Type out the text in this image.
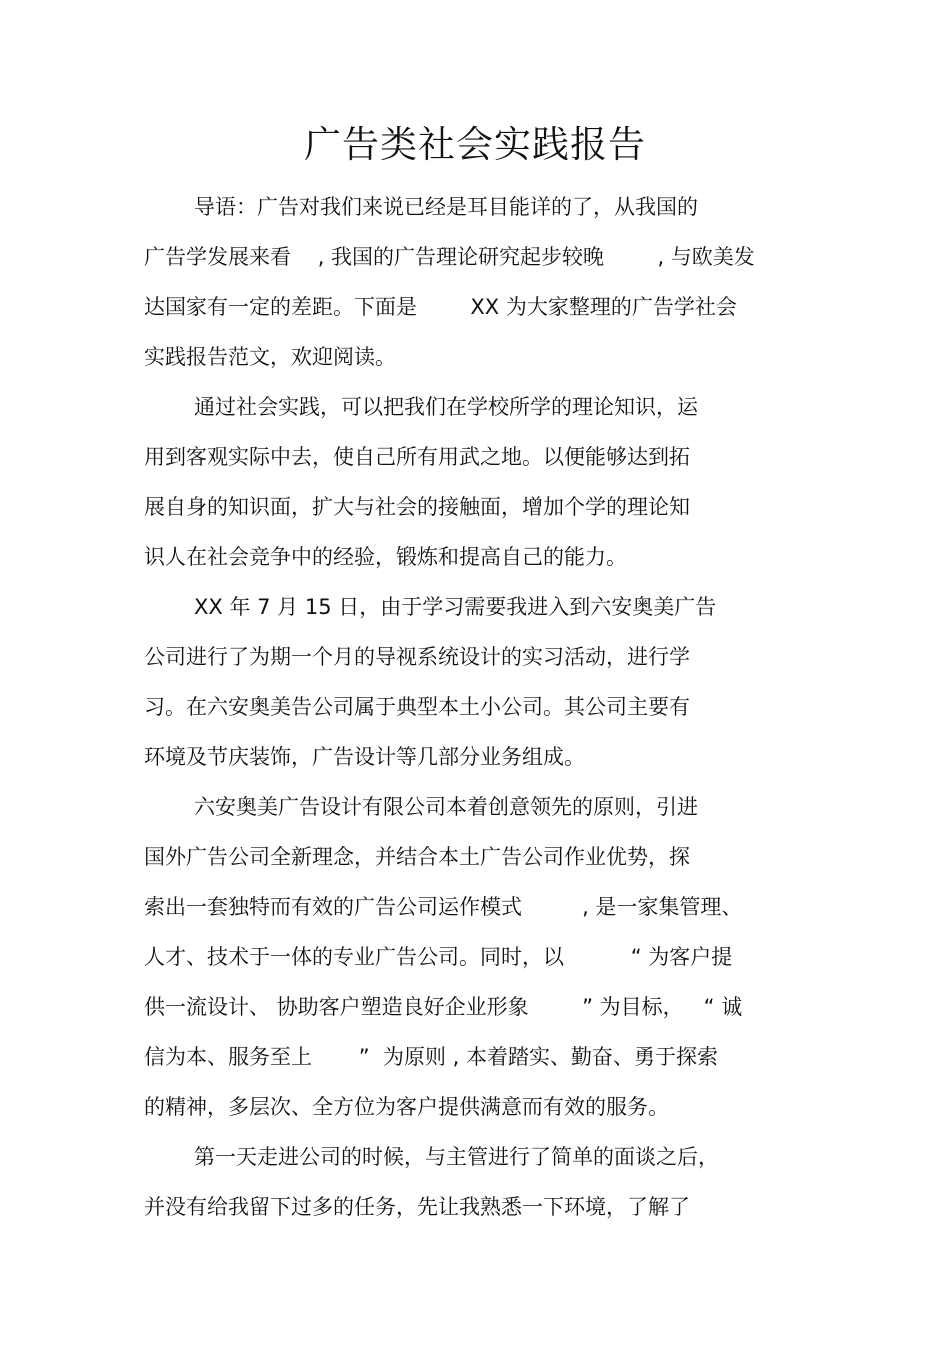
广告类社会实践报告

导语：广告对我们来说已经是耳目能详的了，从我国的

广告学发展来看    , 我国的广告理论研究起步较晚        , 与欧美发

达国家有一定的差距。下面是        XX 为大家整理的广告学社会

实践报告范文，欢迎阅读。

通过社会实践，可以把我们在学校所学的理论知识，运

用到客观实际中去，使自己所有用武之地。以便能够达到拓

展自身的知识面，扩大与社会的接触面，增加个学的理论知

识人在社会竞争中的经验，锻炼和提高自己的能力。

XX 年 7 月 15 日，由于学习需要我进入到六安奥美广告

公司进行了为期一个月的导视系统设计的实习活动，进行学

习。在六安奥美告公司属于典型本土小公司。其公司主要有

环境及节庆装饰，广告设计等几部分业务组成。

六安奥美广告设计有限公司本着创意领先的原则，引进

国外广告公司全新理念，并结合本土广告公司作业优势，探

索出一套独特而有效的广告公司运作模式         , 是一家集管理、

人才、技术于一体的专业广告公司。同时，以          “ 为客户提

供一流设计、 协助客户塑造良好企业形象        ” 为目标，   “ 诚

信为本、服务至上       ”  为原则 , 本着踏实、勤奋、勇于探索

的精神，多层次、全方位为客户提供满意而有效的服务。

第一天走进公司的时候，与主管进行了简单的面谈之后，

并没有给我留下过多的任务，先让我熟悉一下环境，了解了
